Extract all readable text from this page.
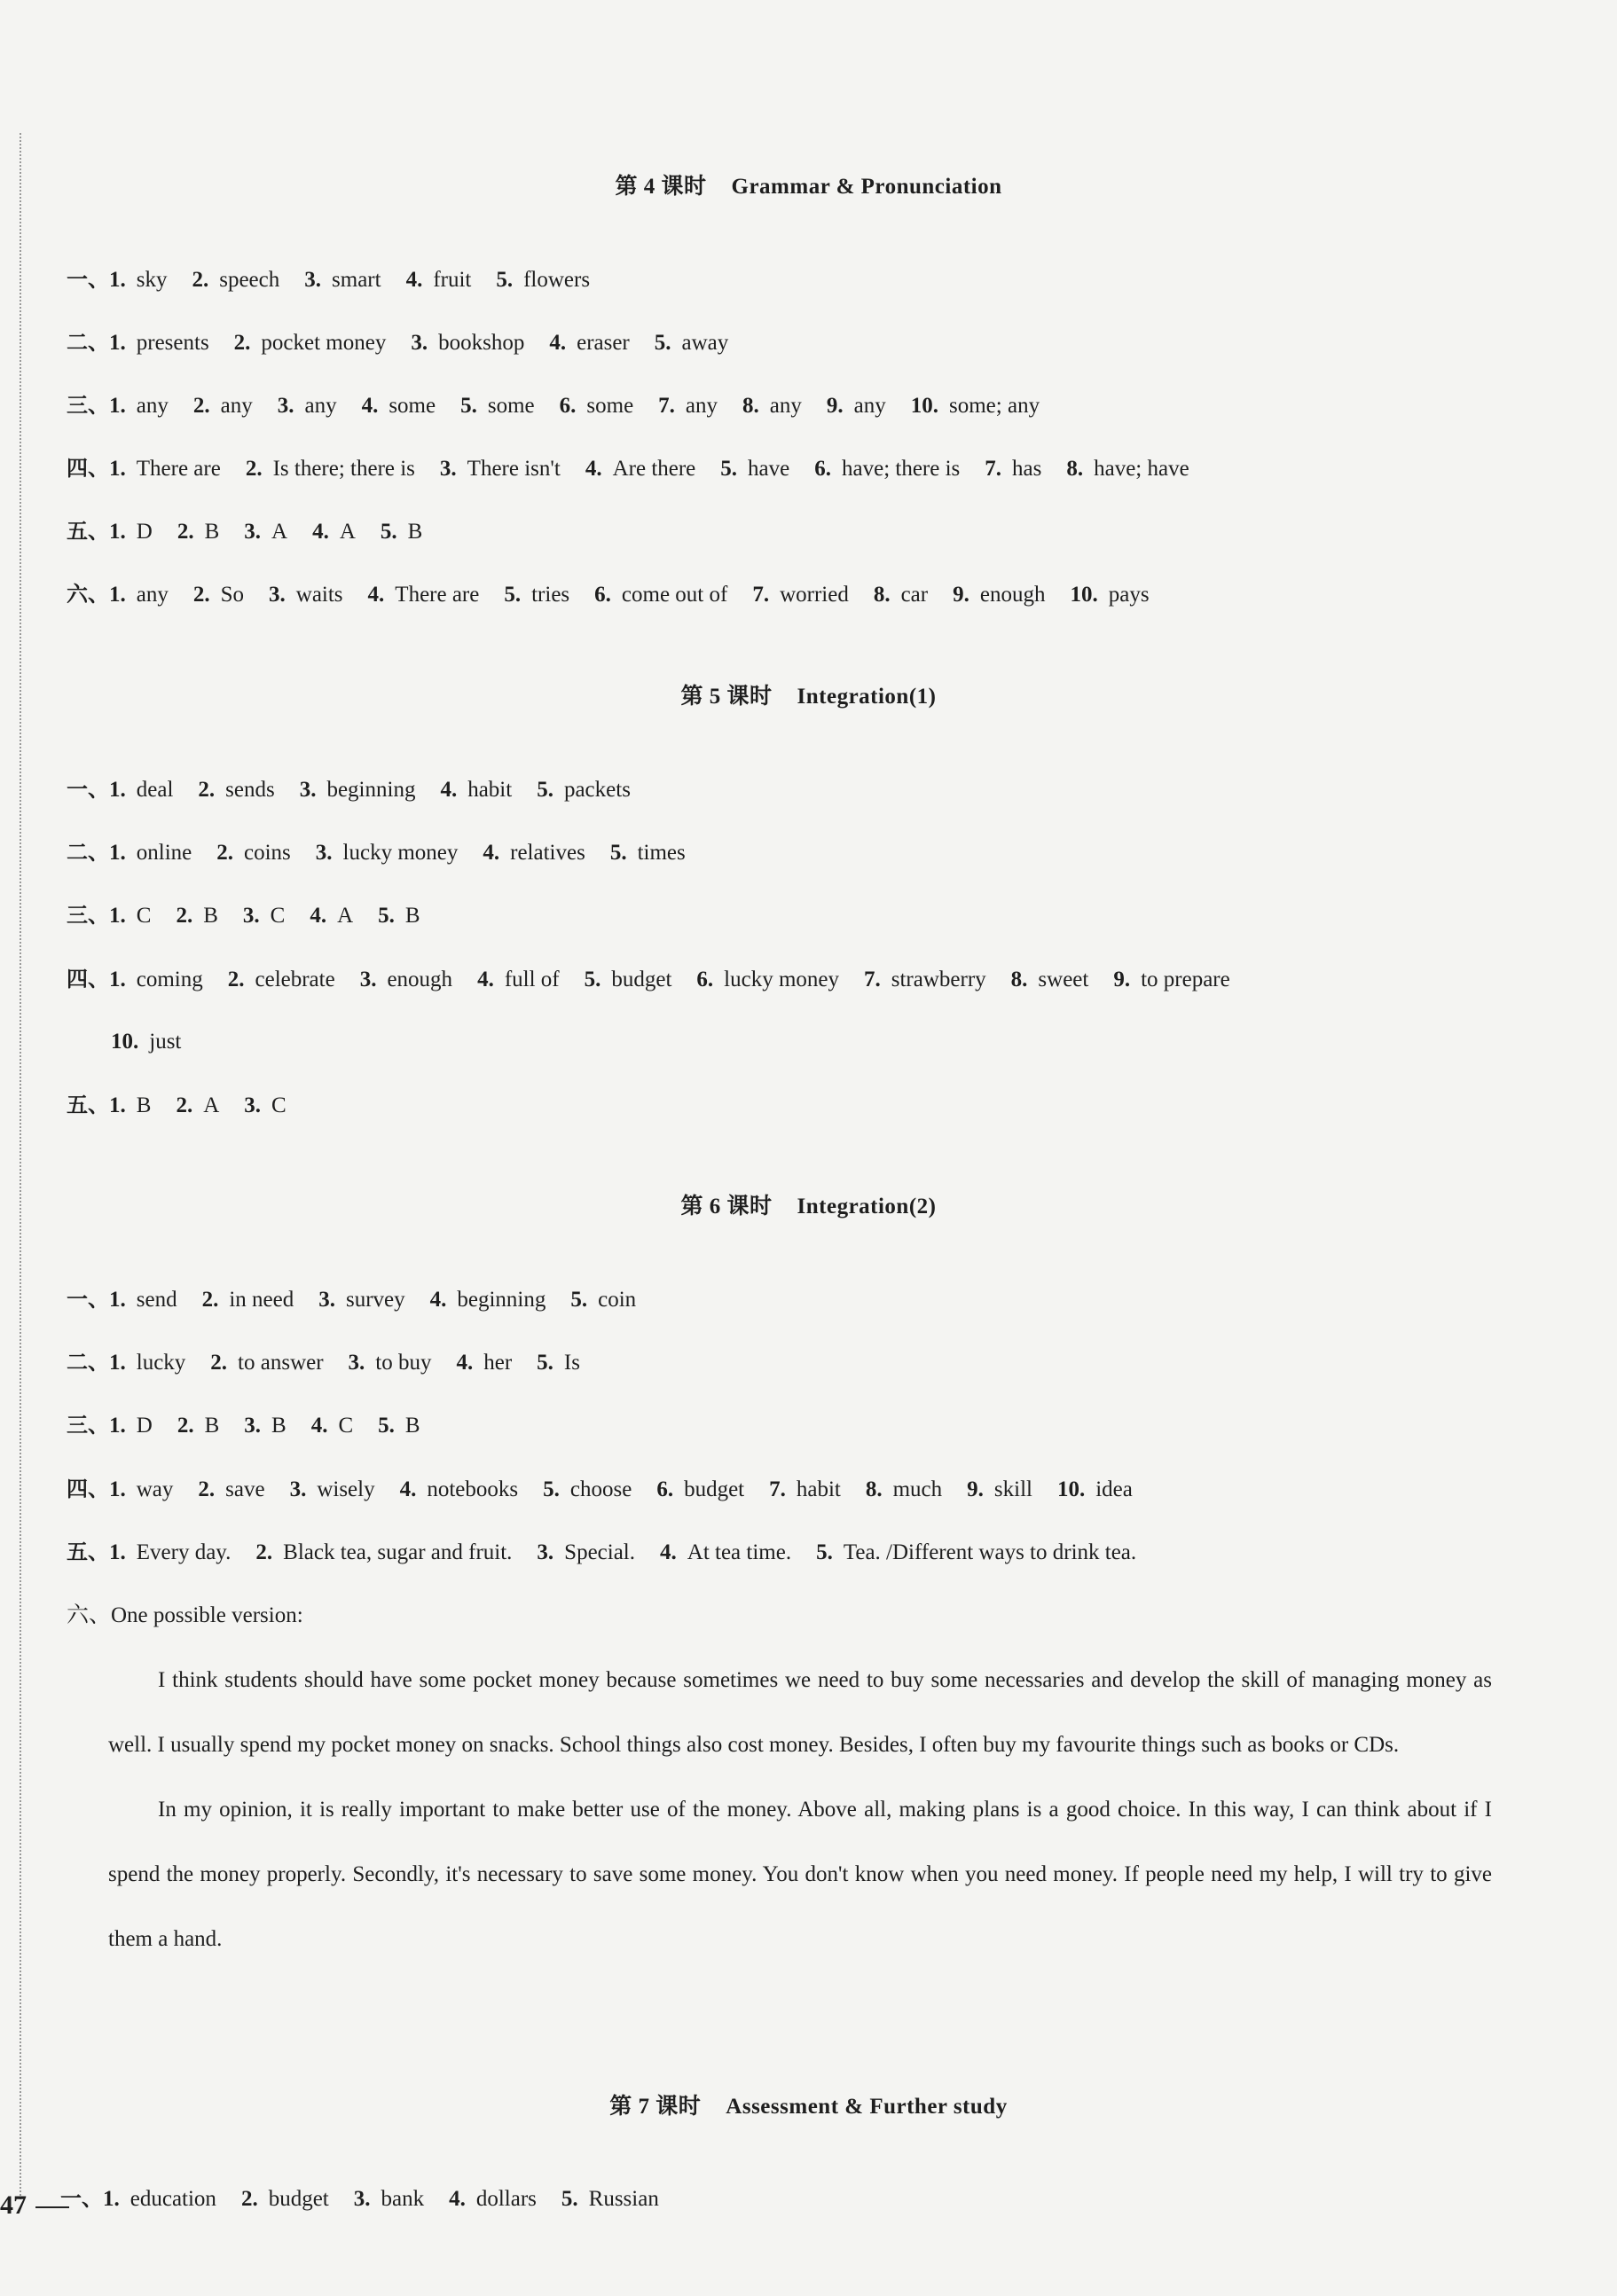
第 4 课时 Grammar & Pronunciation
一、1. sky 2. speech 3. smart 4. fruit 5. flowers
二、1. presents 2. pocket money 3. bookshop 4. eraser 5. away
三、1. any 2. any 3. any 4. some 5. some 6. some 7. any 8. any 9. any 10. some; any
四、1. There are 2. Is there; there is 3. There isn't 4. Are there 5. have 6. have; there is 7. has 8. have; have
五、1. D 2. B 3. A 4. A 5. B
六、1. any 2. So 3. waits 4. There are 5. tries 6. come out of 7. worried 8. car 9. enough 10. pays
第 5 课时 Integration(1)
一、1. deal 2. sends 3. beginning 4. habit 5. packets
二、1. online 2. coins 3. lucky money 4. relatives 5. times
三、1. C 2. B 3. C 4. A 5. B
四、1. coming 2. celebrate 3. enough 4. full of 5. budget 6. lucky money 7. strawberry 8. sweet 9. to prepare
10. just
五、1. B 2. A 3. C
第 6 课时 Integration(2)
一、1. send 2. in need 3. survey 4. beginning 5. coin
二、1. lucky 2. to answer 3. to buy 4. her 5. Is
三、1. D 2. B 3. B 4. C 5. B
四、1. way 2. save 3. wisely 4. notebooks 5. choose 6. budget 7. habit 8. much 9. skill 10. idea
五、1. Every day. 2. Black tea, sugar and fruit. 3. Special. 4. At tea time. 5. Tea. /Different ways to drink tea.
六、One possible version:

I think students should have some pocket money because sometimes we need to buy some necessaries and develop the skill of managing money as well. I usually spend my pocket money on snacks. School things also cost money. Besides, I often buy my favourite things such as books or CDs.

In my opinion, it is really important to make better use of the money. Above all, making plans is a good choice. In this way, I can think about if I spend the money properly. Secondly, it's necessary to save some money. You don't know when you need money. If people need my help, I will try to give them a hand.

第 7 课时 Assessment & Further study
一、1. education 2. budget 3. bank 4. dollars 5. Russian
47
